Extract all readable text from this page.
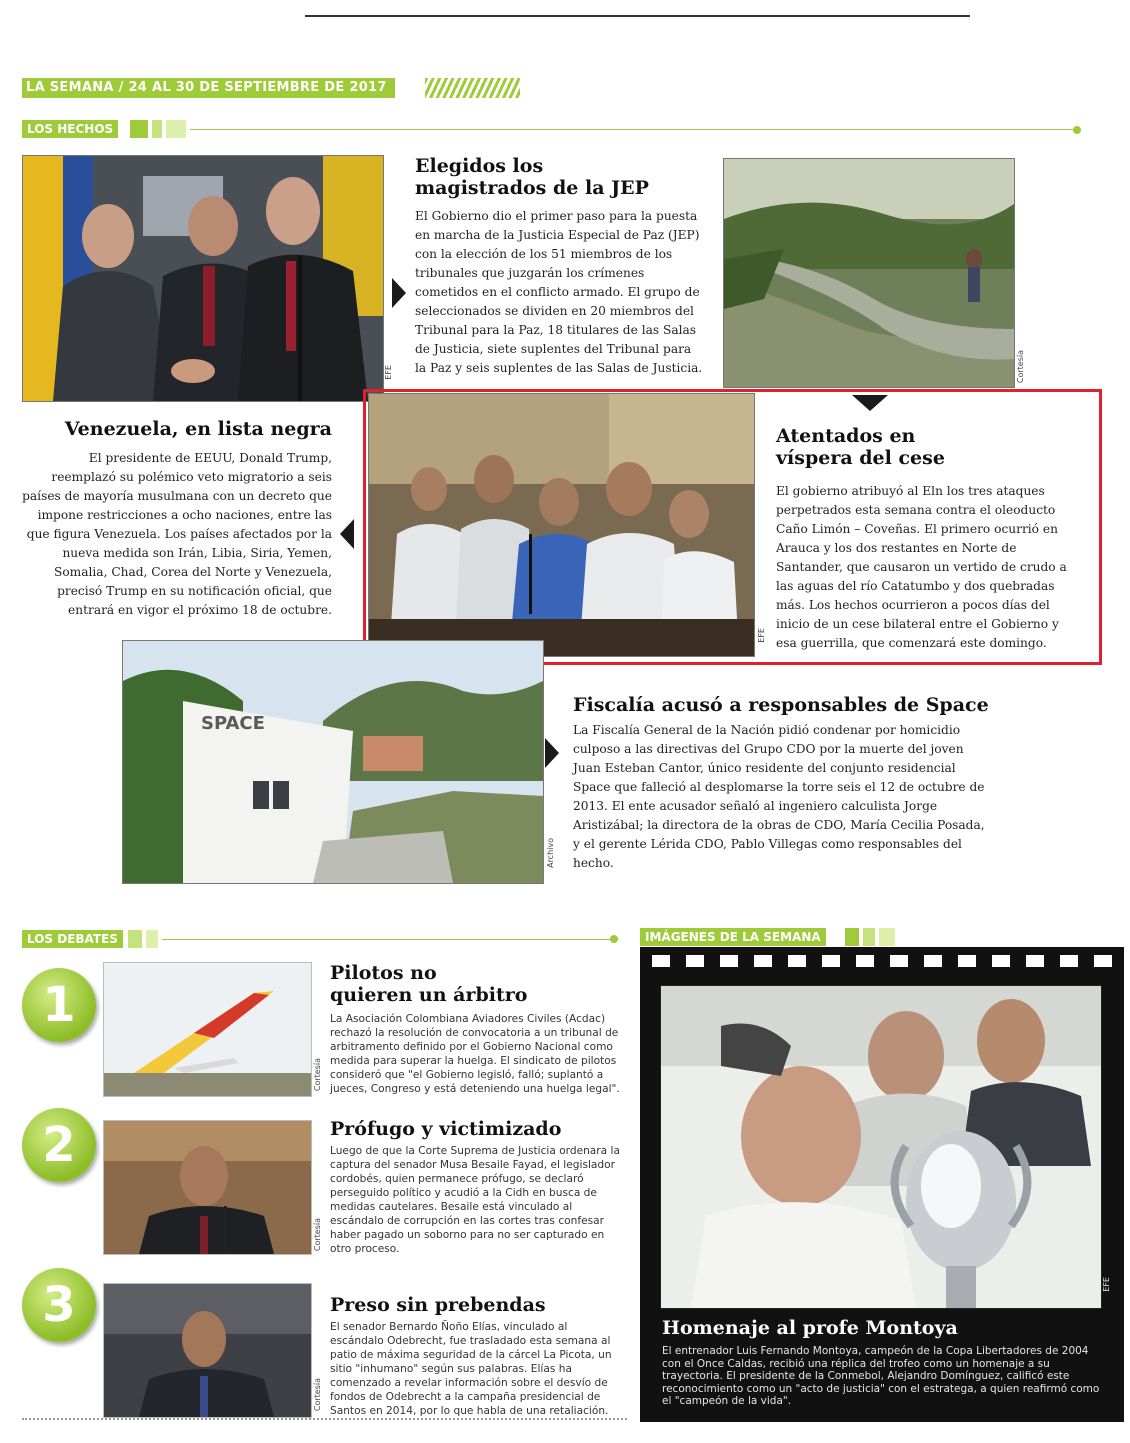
LA SEMANA / 24 AL 30 DE SEPTIEMBRE DE 2017
LOS HECHOS
EFE

Elegidos los

magistrados de la JEP

El Gobierno dio el primer paso para la puesta en marcha de la Justicia Especial de Paz (JEP) con la elección de los 51 miembros de los tribunales que juzgarán los crímenes cometidos en el conflicto armado. El grupo de seleccionados se dividen en 20 miembros del Tribunal para la Paz, 18 titulares de las Salas de Justicia, siete suplentes del Tribunal para la Paz y seis suplentes de las Salas de Justicia.	Cortesía

Venezuela, en lista negra

El presidente de EEUU, Donald Trump, reemplazó su polémico veto migratorio a seis países de mayoría musulmana con un decreto que impone restricciones a ocho naciones, entre las que figura Venezuela. Los países afectados por la nueva medida son Irán, Libia, Siria, Yemen, Somalia, Chad, Corea del Norte y Venezuela, precisó Trump en su notificación oficial, que entrará en vigor el próximo 18 de octubre.

EFE

Atentados en

víspera del cese

El gobierno atribuyó al Eln los tres ataques perpetrados esta semana contra el oleoducto Caño Limón – Coveñas. El primero ocurrió en Arauca y los dos restantes en Norte de Santander, que causaron un vertido de crudo a las aguas del río Catatumbo y dos quebradas más. Los hechos ocurrieron a pocos días del inicio de un cese bilateral entre el Gobierno y esa guerrilla, que comenzará este domingo.

SPACE
Archivo

Fiscalía acusó a responsables de Space

La Fiscalía General de la Nación pidió condenar por homicidio culposo a las directivas del Grupo CDO por la muerte del joven Juan Esteban Cantor, único residente del conjunto residencial Space que falleció al desplomarse la torre seis el 12 de octubre de 2013. El ente acusador señaló al ingeniero calculista Jorge Aristizábal; la directora de la obras de CDO, María Cecilia Posada, y el gerente Lérida CDO, Pablo Villegas como responsables del hecho.

LOS DEBATES
1
Cortesía

Pilotos no

quieren un árbitro

La Asociación Colombiana Aviadores Civiles (Acdac) rechazó la resolución de convocatoria a un tribunal de arbitramento definido por el Gobierno Nacional como medida para superar la huelga. El sindicato de pilotos consideró que "el Gobierno legisló, falló; suplantó a jueces, Congreso y está deteniendo una huelga legal".

2
Cortesía

Prófugo y victimizado

Luego de que la Corte Suprema de Justicia ordenara la captura del senador Musa Besaile Fayad, el legislador cordobés, quien permanece prófugo, se declaró perseguido político y acudió a la Cidh en busca de medidas cautelares. Besaile está vinculado al escándalo de corrupción en las cortes tras confesar haber pagado un soborno para no ser capturado en otro proceso.

3
Cortesía

Preso sin prebendas

El senador Bernardo Ñoño Elías, vinculado al escándalo Odebrecht, fue trasladado esta semana al patio de máxima seguridad de la cárcel La Picota, un sitio "inhumano" según sus palabras. Elías ha comenzado a revelar información sobre el desvío de fondos de Odebrecht a la campaña presidencial de Santos en 2014, por lo que habla de una retaliación.

IMÁGENES DE LA SEMANA
EFE

Homenaje al profe Montoya

El entrenador Luis Fernando Montoya, campeón de la Copa Libertadores de 2004 con el Once Caldas, recibió una réplica del trofeo como un homenaje a su trayectoria. El presidente de la Conmebol, Alejandro Domínguez, calificó este reconocimiento como un "acto de justicia" con el estratega, a quien reafirmó como el "campeón de la vida".
